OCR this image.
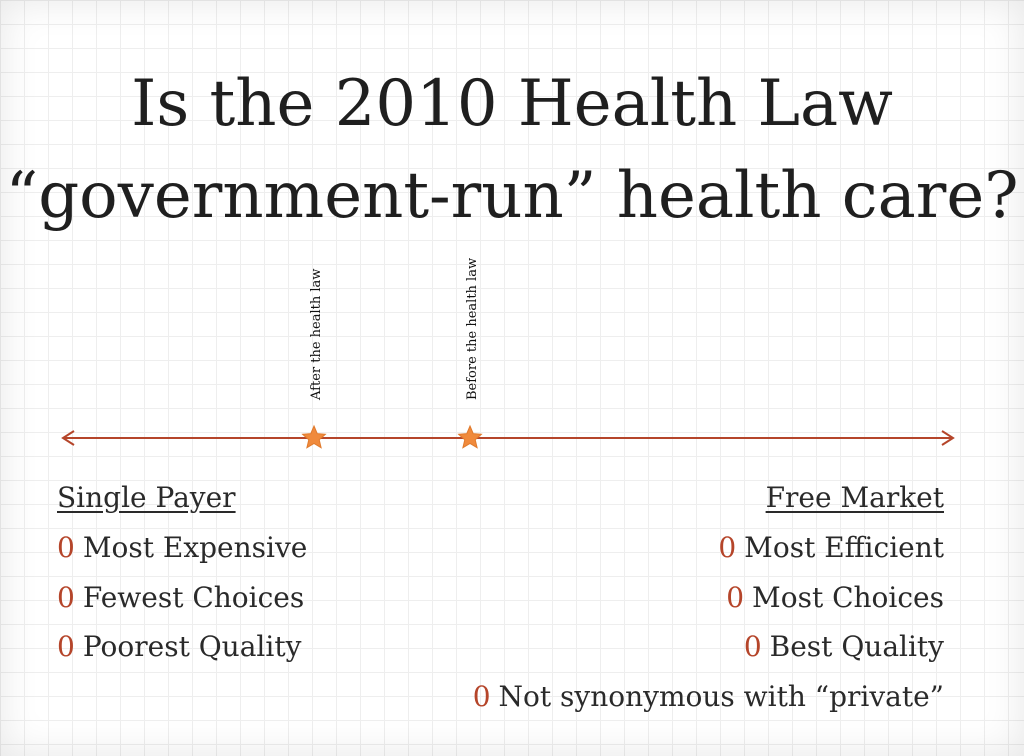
Is the 2010 Health Law
“government-run” health care?
After the health law	Before the health law
Single Payer	Free Market
0 Most Expensive
0 Fewest Choices
0 Poorest Quality
0 Most Efficient
0 Most Choices
0 Best Quality
0 Not synonymous with “private”
